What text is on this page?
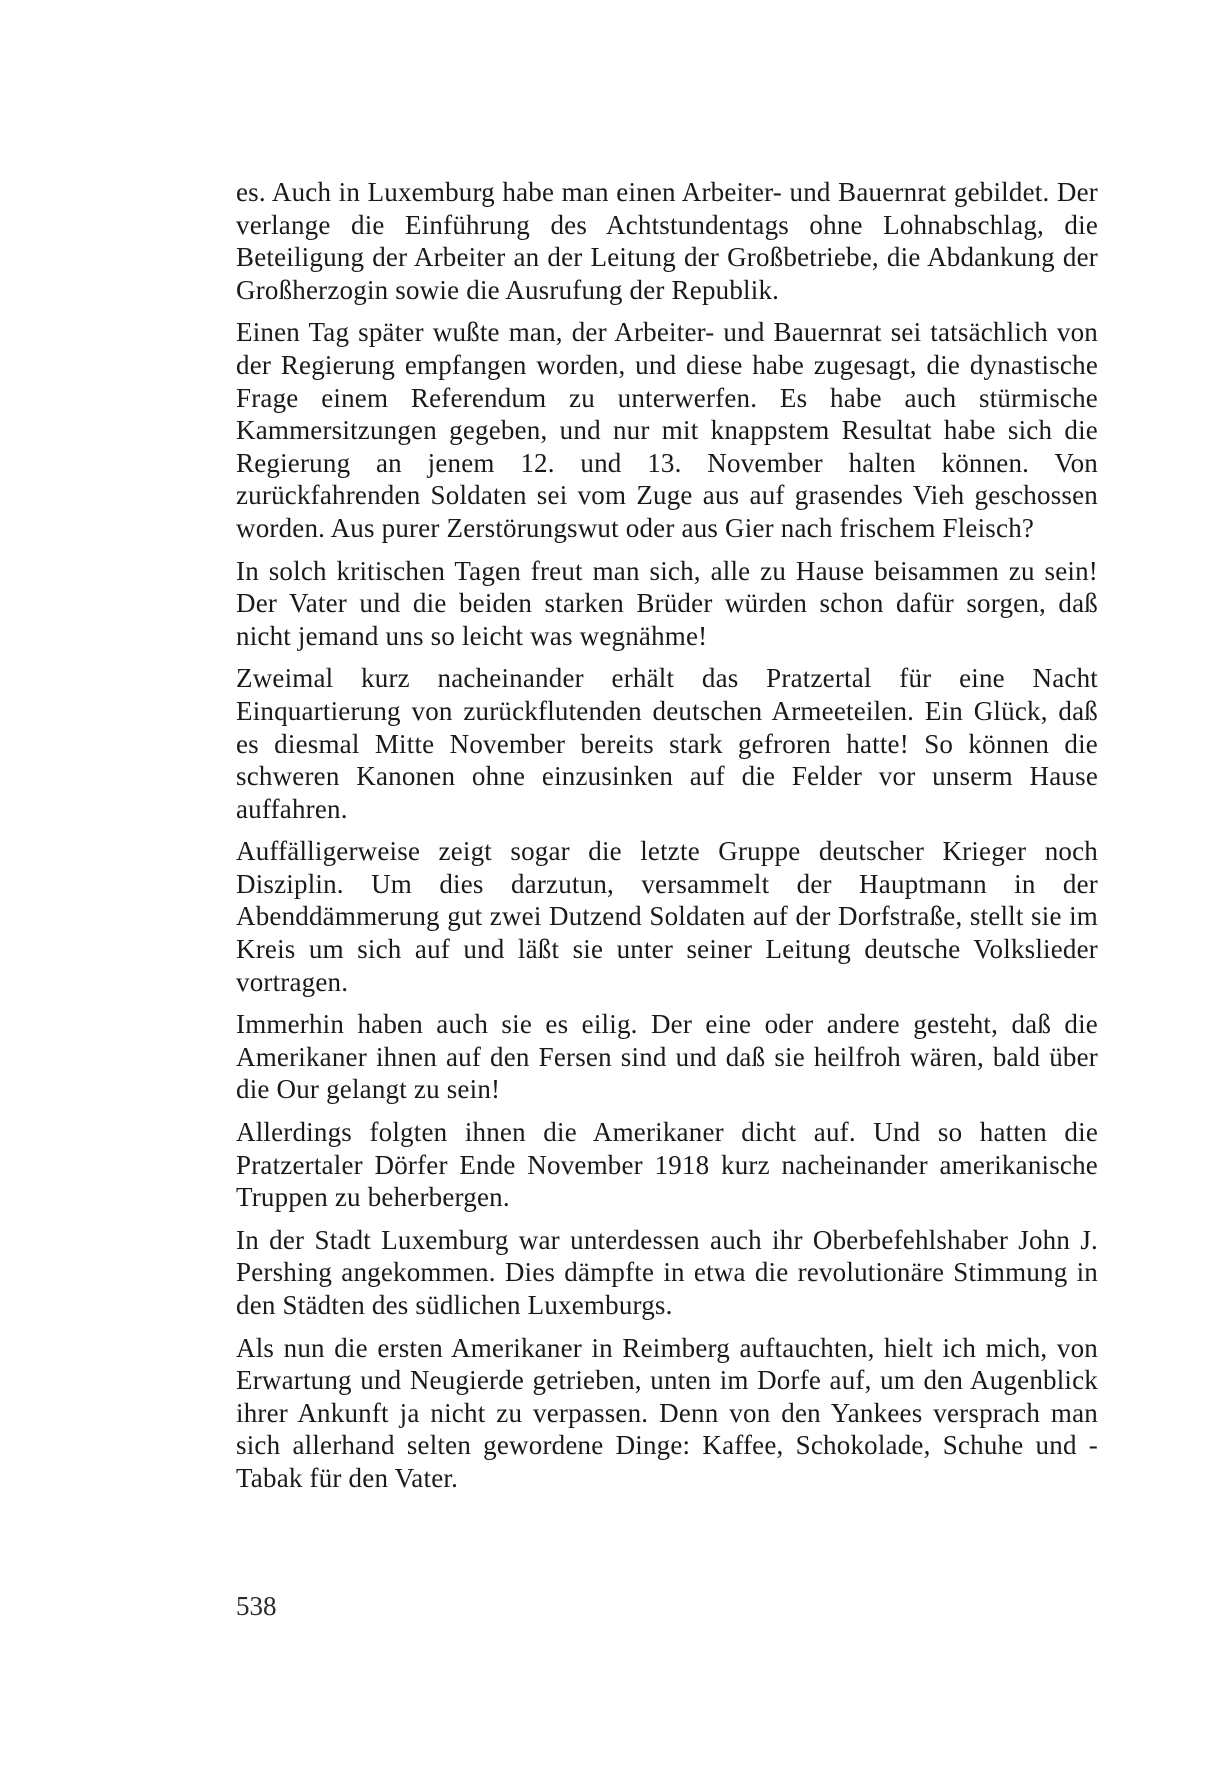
es. Auch in Luxemburg habe man einen Arbeiter- und Bauernrat gebildet. Der verlange die Einführung des Achtstundentags ohne Lohnabschlag, die Beteiligung der Arbeiter an der Leitung der Großbetriebe, die Abdankung der Großherzogin sowie die Ausrufung der Republik.

Einen Tag später wußte man, der Arbeiter- und Bauernrat sei tatsächlich von der Regierung empfangen worden, und diese habe zugesagt, die dynastische Frage einem Referendum zu unterwerfen. Es habe auch stürmische Kammersitzungen gegeben, und nur mit knappstem Resultat habe sich die Regierung an jenem 12. und 13. November halten können. Von zurückfahrenden Soldaten sei vom Zuge aus auf grasendes Vieh geschossen worden. Aus purer Zerstörungswut oder aus Gier nach frischem Fleisch?

In solch kritischen Tagen freut man sich, alle zu Hause beisammen zu sein! Der Vater und die beiden starken Brüder würden schon dafür sorgen, daß nicht jemand uns so leicht was wegnähme!

Zweimal kurz nacheinander erhält das Pratzertal für eine Nacht Einquartierung von zurückflutenden deutschen Armeeteilen. Ein Glück, daß es diesmal Mitte November bereits stark gefroren hatte! So können die schweren Kanonen ohne einzusinken auf die Felder vor unserm Hause auffahren.

Auffälligerweise zeigt sogar die letzte Gruppe deutscher Krieger noch Disziplin. Um dies darzutun, versammelt der Hauptmann in der Abenddämmerung gut zwei Dutzend Soldaten auf der Dorfstraße, stellt sie im Kreis um sich auf und läßt sie unter seiner Leitung deutsche Volkslieder vortragen.

Immerhin haben auch sie es eilig. Der eine oder andere gesteht, daß die Amerikaner ihnen auf den Fersen sind und daß sie heilfroh wären, bald über die Our gelangt zu sein!

Allerdings folgten ihnen die Amerikaner dicht auf. Und so hatten die Pratzertaler Dörfer Ende November 1918 kurz nacheinander amerikanische Truppen zu beherbergen.

In der Stadt Luxemburg war unterdessen auch ihr Oberbefehlshaber John J. Pershing angekommen. Dies dämpfte in etwa die revolutionäre Stimmung in den Städten des südlichen Luxemburgs.

Als nun die ersten Amerikaner in Reimberg auftauchten, hielt ich mich, von Erwartung und Neugierde getrieben, unten im Dorfe auf, um den Augenblick ihrer Ankunft ja nicht zu verpassen. Denn von den Yankees versprach man sich allerhand selten gewordene Dinge: Kaffee, Schokolade, Schuhe und - Tabak für den Vater.

538
